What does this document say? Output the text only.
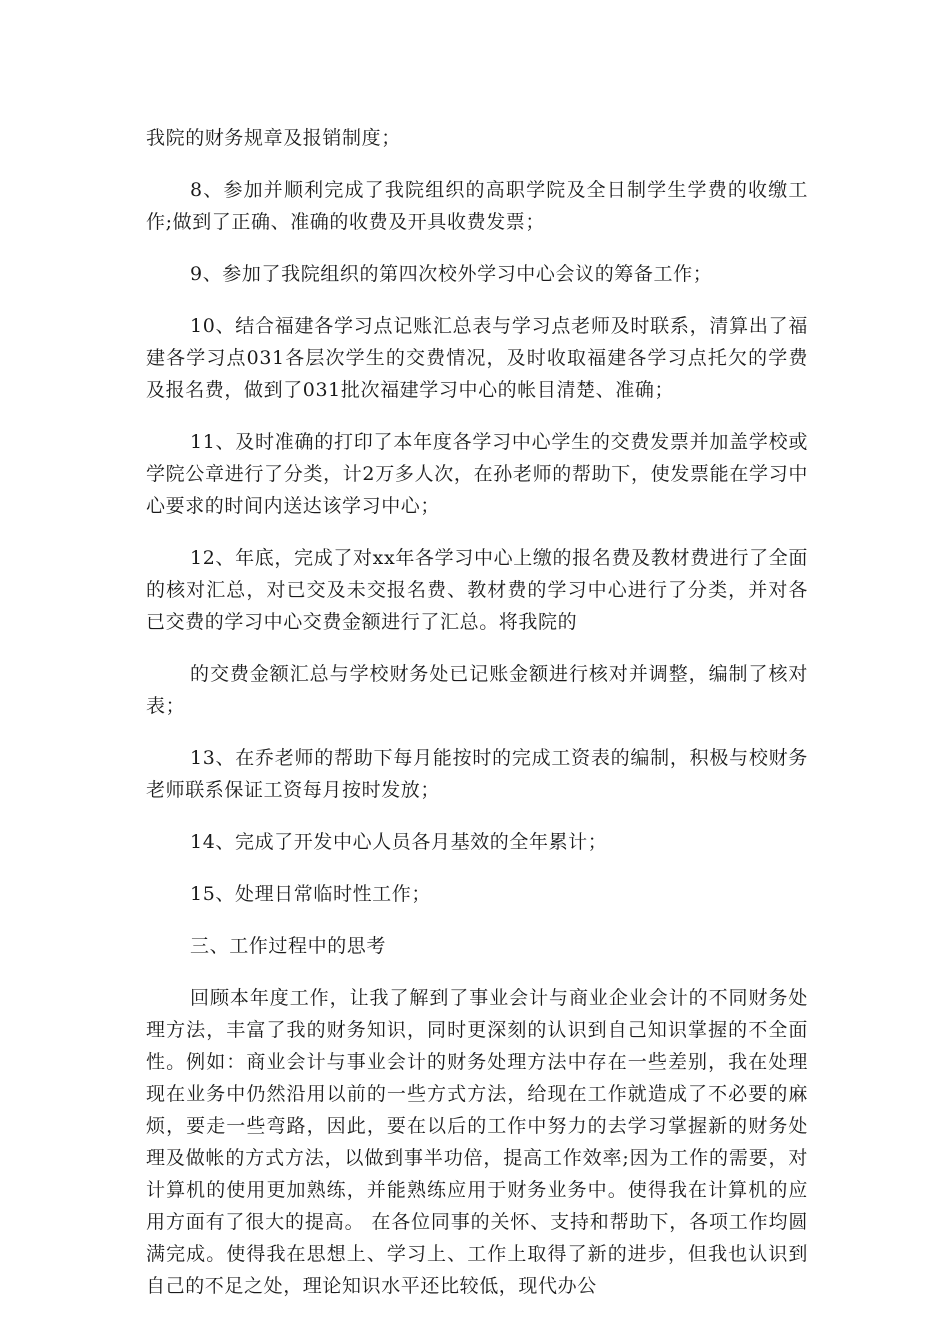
我院的财务规章及报销制度；

8、参加并顺利完成了我院组织的高职学院及全日制学生学费的收缴工作;做到了正确、准确的收费及开具收费发票；

9、参加了我院组织的第四次校外学习中心会议的筹备工作；

10、结合福建各学习点记账汇总表与学习点老师及时联系，清算出了福建各学习点031各层次学生的交费情况，及时收取福建各学习点托欠的学费及报名费，做到了031批次福建学习中心的帐目清楚、准确；

11、及时准确的打印了本年度各学习中心学生的交费发票并加盖学校或学院公章进行了分类，计2万多人次，在孙老师的帮助下，使发票能在学习中心要求的时间内送达该学习中心；

12、年底，完成了对xx年各学习中心上缴的报名费及教材费进行了全面的核对汇总，对已交及未交报名费、教材费的学习中心进行了分类，并对各已交费的学习中心交费金额进行了汇总。将我院的

的交费金额汇总与学校财务处已记账金额进行核对并调整，编制了核对表；

13、在乔老师的帮助下每月能按时的完成工资表的编制，积极与校财务老师联系保证工资每月按时发放；

14、完成了开发中心人员各月基效的全年累计；

15、处理日常临时性工作；

三、工作过程中的思考

回顾本年度工作，让我了解到了事业会计与商业企业会计的不同财务处理方法，丰富了我的财务知识，同时更深刻的认识到自己知识掌握的不全面性。例如：商业会计与事业会计的财务处理方法中存在一些差别，我在处理现在业务中仍然沿用以前的一些方式方法，给现在工作就造成了不必要的麻烦，要走一些弯路，因此，要在以后的工作中努力的去学习掌握新的财务处理及做帐的方式方法，以做到事半功倍，提高工作效率;因为工作的需要，对计算机的使用更加熟练，并能熟练应用于财务业务中。使得我在计算机的应用方面有了很大的提高。 在各位同事的关怀、支持和帮助下，各项工作均圆满完成。使得我在思想上、学习上、工作上取得了新的进步，但我也认识到自己的不足之处，理论知识水平还比较低，现代办公
